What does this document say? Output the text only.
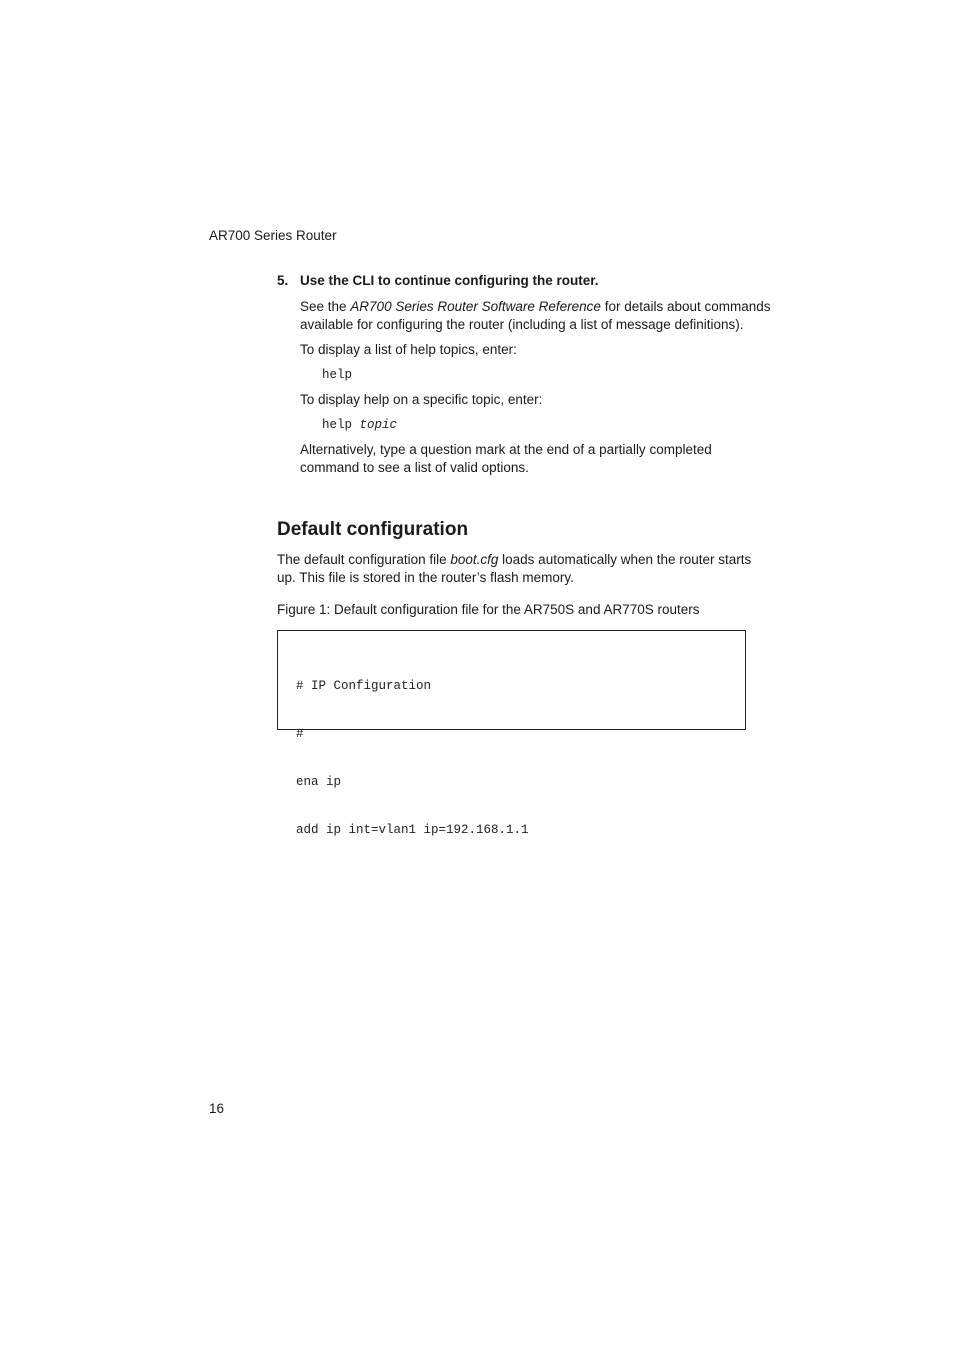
AR700 Series Router
5. Use the CLI to continue configuring the router.
See the AR700 Series Router Software Reference for details about commands
available for configuring the router (including a list of message definitions).
To display a list of help topics, enter:
help
To display help on a specific topic, enter:
help topic
Alternatively, type a question mark at the end of a partially completed
command to see a list of valid options.
Default configuration
The default configuration file boot.cfg loads automatically when the router starts
up. This file is stored in the router’s flash memory.
Figure 1: Default configuration file for the AR750S and AR770S routers

# IP Configuration

#

ena ip

add ip int=vlan1 ip=192.168.1.1

16
